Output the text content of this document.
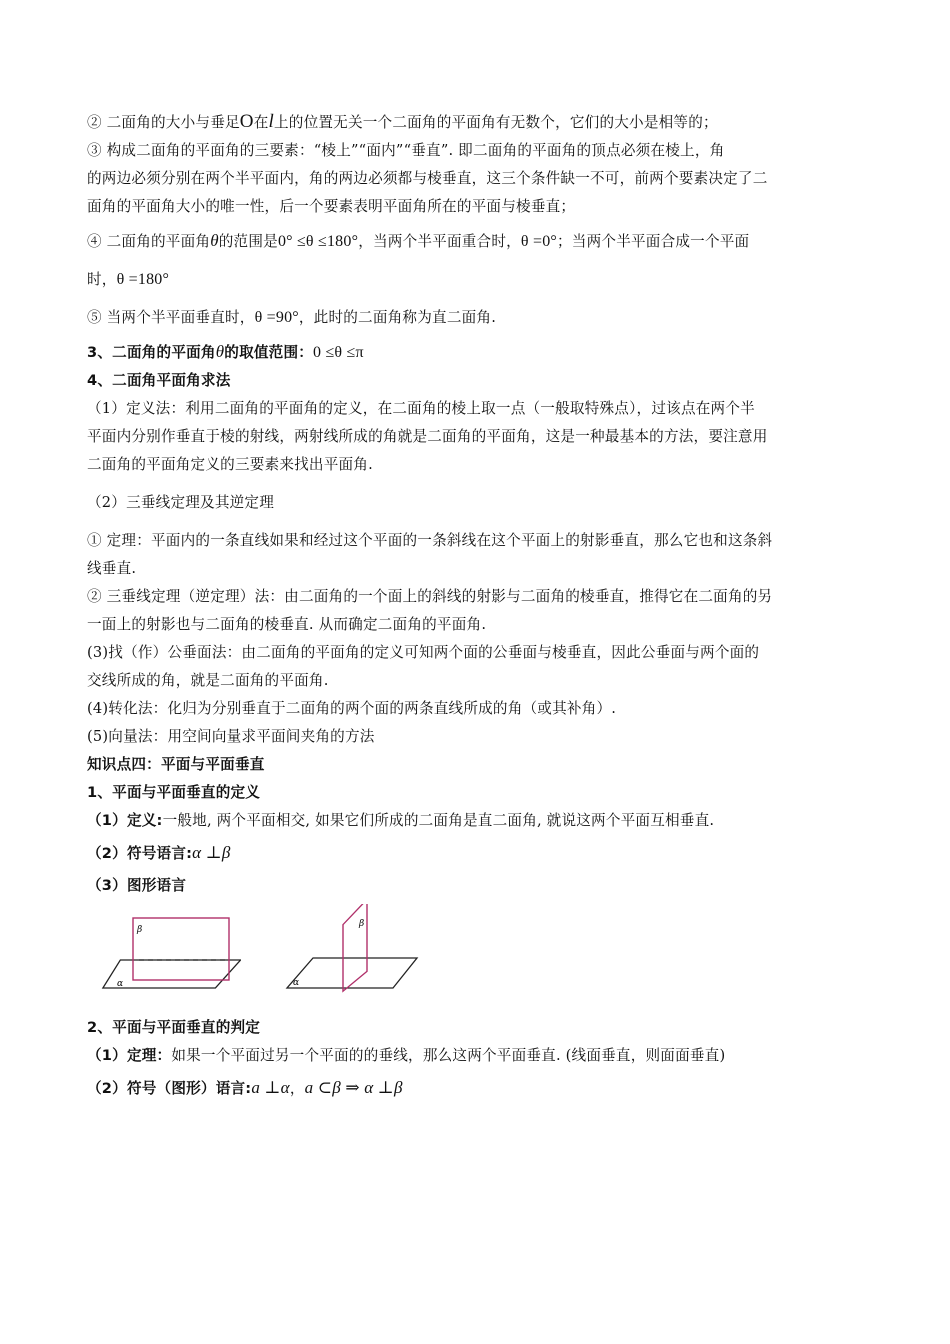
② 二面角的大小与垂足O在l上的位置无关一个二面角的平面角有无数个，它们的大小是相等的；
③ 构成二面角的平面角的三要素：“棱上”“面内”“垂直”. 即二面角的平面角的顶点必须在棱上，角
的两边必须分别在两个半平面内，角的两边必须都与棱垂直，这三个条件缺一不可，前两个要素决定了二
面角的平面角大小的唯一性，后一个要素表明平面角所在的平面与棱垂直；
④ 二面角的平面角θ的范围是0° ≤θ ≤180°，当两个半平面重合时，θ =0°；当两个半平面合成一个平面
时，θ =180°
⑤ 当两个半平面垂直时，θ =90°，此时的二面角称为直二面角.
3、二面角的平面角θ的取值范围：0 ≤θ ≤π
4、二面角平面角求法
（1）定义法：利用二面角的平面角的定义，在二面角的棱上取一点（一般取特殊点），过该点在两个半
平面内分别作垂直于棱的射线，两射线所成的角就是二面角的平面角，这是一种最基本的方法，要注意用
二面角的平面角定义的三要素来找出平面角.
（2）三垂线定理及其逆定理
① 定理：平面内的一条直线如果和经过这个平面的一条斜线在这个平面上的射影垂直，那么它也和这条斜
线垂直.
② 三垂线定理（逆定理）法：由二面角的一个面上的斜线的射影与二面角的棱垂直，推得它在二面角的另
一面上的射影也与二面角的棱垂直. 从而确定二面角的平面角.
(3)找（作）公垂面法：由二面角的平面角的定义可知两个面的公垂面与棱垂直，因此公垂面与两个面的
交线所成的角，就是二面角的平面角.
(4)转化法：化归为分别垂直于二面角的两个面的两条直线所成的角（或其补角）.
(5)向量法：用空间向量求平面间夹角的方法
知识点四：平面与平面垂直
1、平面与平面垂直的定义
（1）定义:一般地, 两个平面相交, 如果它们所成的二面角是直二面角, 就说这两个平面互相垂直.
（2）符号语言:α ⊥β
（3）图形语言
β
α
β
α
2、平面与平面垂直的判定
（1）定理：如果一个平面过另一个平面的的垂线，那么这两个平面垂直. (线面垂直，则面面垂直)
（2）符号（图形）语言:a ⊥α，a ⊂β ⇒ α ⊥β
